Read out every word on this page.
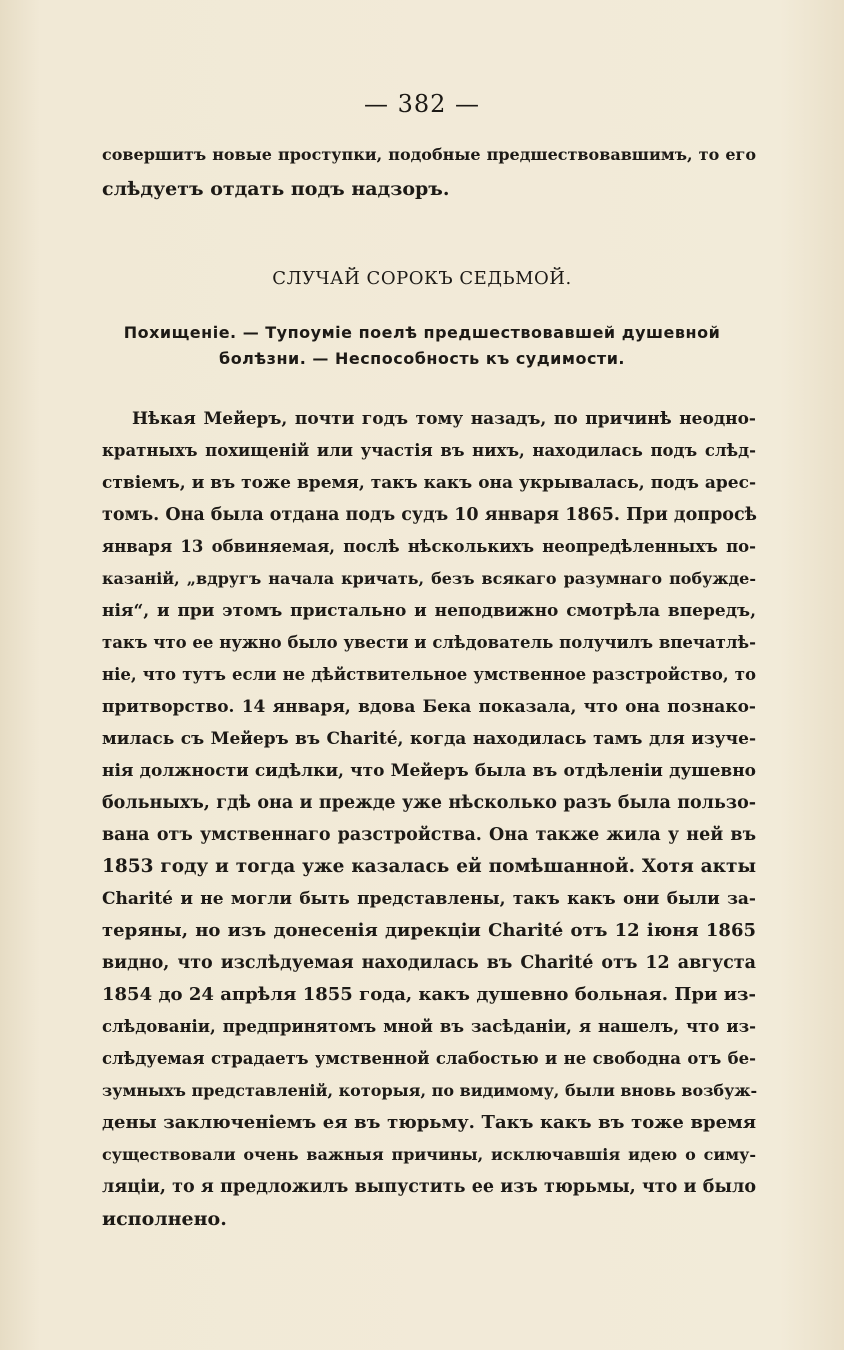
— 382 —
совершитъ новые проступки, подобные предшествовавшимъ, то его
слѣдуетъ отдать подъ надзоръ.
СЛУЧАЙ СОРОКЪ СЕДЬМОЙ.
Похищеніе. — Тупоуміе поелѣ предшествовавшей душевной
болѣзни. — Неспособность къ судимости.
Нѣкая Мейеръ, почти годъ тому назадъ, по причинѣ неодно-
кратныхъ похищеній или участія въ нихъ, находилась подъ слѣд-
ствіемъ, и въ тоже время, такъ какъ она укрывалась, подъ арес-
томъ. Она была отдана подъ судъ 10 января 1865. При допросѣ
января 13 обвиняемая, послѣ нѣсколькихъ неопредѣленныхъ по-
казаній, „вдругъ начала кричать, безъ всякаго разумнаго побужде-
нія“, и при этомъ пристально и неподвижно смотрѣла впередъ,
такъ что ее нужно было увести и слѣдователь получилъ впечатлѣ-
ніе, что тутъ если не дѣйствительное умственное разстройство, то
притворство. 14 января, вдова Бека показала, что она познако-
милась съ Мейеръ въ Charité, когда находилась тамъ для изуче-
нія должности сидѣлки, что Мейеръ была въ отдѣленіи душевно
больныхъ, гдѣ она и прежде уже нѣсколько разъ была пользо-
вана отъ умственнаго разстройства. Она также жила у ней въ
1853 году и тогда уже казалась ей помѣшанной. Хотя акты
Charité и не могли быть представлены, такъ какъ они были за-
теряны, но изъ донесенія дирекціи Charité отъ 12 іюня 1865
видно, что изслѣдуемая находилась въ Charité отъ 12 августа
1854 до 24 апрѣля 1855 года, какъ душевно больная. При из-
слѣдованіи, предпринятомъ мной въ засѣданіи, я нашелъ, что из-
слѣдуемая страдаетъ умственной слабостью и не свободна отъ бе-
зумныхъ представленій, которыя, по видимому, были вновь возбуж-
дены заключеніемъ ея въ тюрьму. Такъ какъ въ тоже время
существовали очень важныя причины, исключавшія идею о симу-
ляціи, то я предложилъ выпустить ее изъ тюрьмы, что и было
исполнено.
